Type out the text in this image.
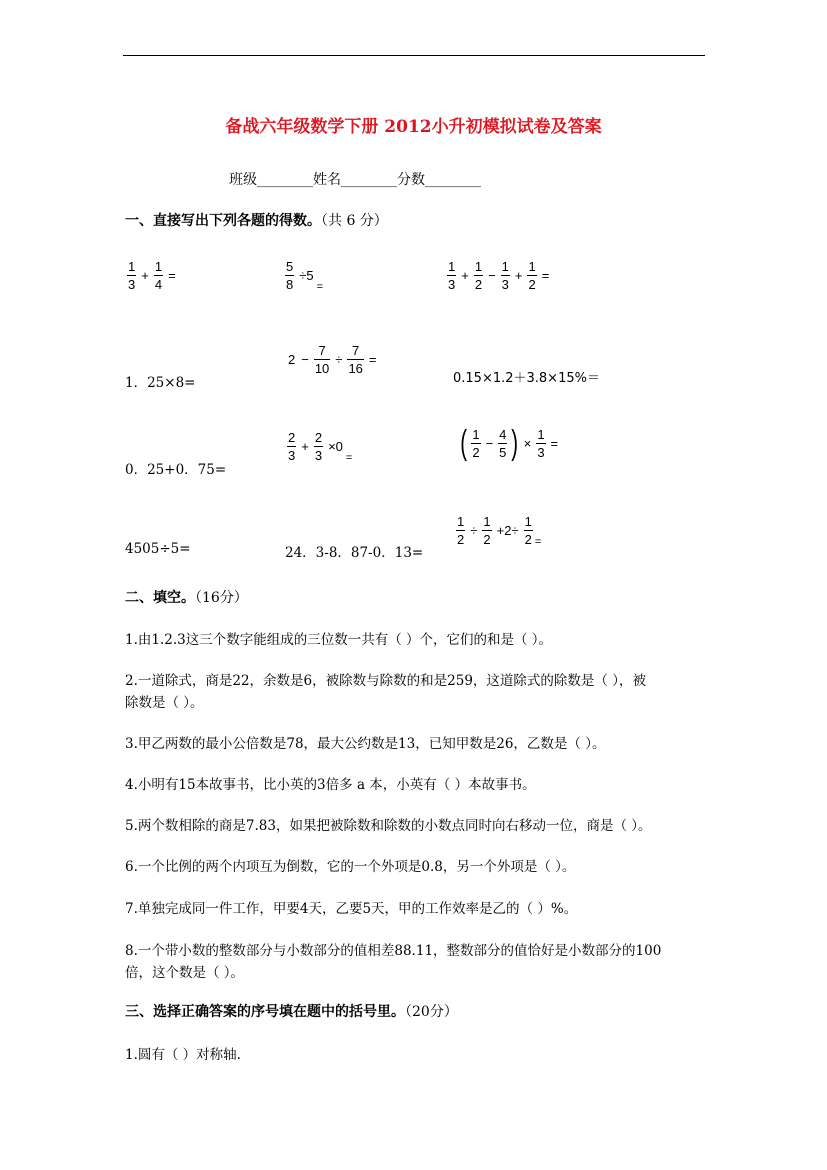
备战六年级数学下册 2012小升初模拟试卷及答案
班级________姓名________分数________
一、直接写出下列各题的得数。（共 6 分）
$\frac{1}{3} + \frac{1}{4}$ =	$\frac{5}{8} \div 5$
=	$\frac{1}{3} + \frac{1}{2} - \frac{1}{3} + \frac{1}{2}$ =
1．25×8=
$2 - \frac{7}{10} \div \frac{7}{16}$ =
0.15×1.2＋3.8×15%＝
0．25+0．75=
$\frac{2}{3} + \frac{2}{3} \times 0$
=	( $\frac{1}{2} - \frac{4}{5}$ ) × $\frac{1}{3}$ =
4505÷5=	24．3-8．87-0．13=
$\frac{1}{2} \div \frac{1}{2} +2\div \frac{1}{2}$ =
二、填空。（16分）
1.由1.2.3这三个数字能组成的三位数一共有（ ）个，它们的和是（ ）。
2.一道除式，商是22，余数是6，被除数与除数的和是259，这道除式的除数是（ ），被
除数是（ ）。
3.甲乙两数的最小公倍数是78，最大公约数是13，已知甲数是26，乙数是（ ）。
4.小明有15本故事书，比小英的3倍多 a 本，小英有（ ）本故事书。
5.两个数相除的商是7.83，如果把被除数和除数的小数点同时向右移动一位，商是（ ）。
6.一个比例的两个内项互为倒数，它的一个外项是0.8，另一个外项是（ ）。
7.单独完成同一件工作，甲要4天，乙要5天，甲的工作效率是乙的（ ）%。
8.一个带小数的整数部分与小数部分的值相差88.11，整数部分的值恰好是小数部分的100
倍，这个数是（ ）。
三、选择正确答案的序号填在题中的括号里。（20分）
1.圆有（ ）对称轴.
